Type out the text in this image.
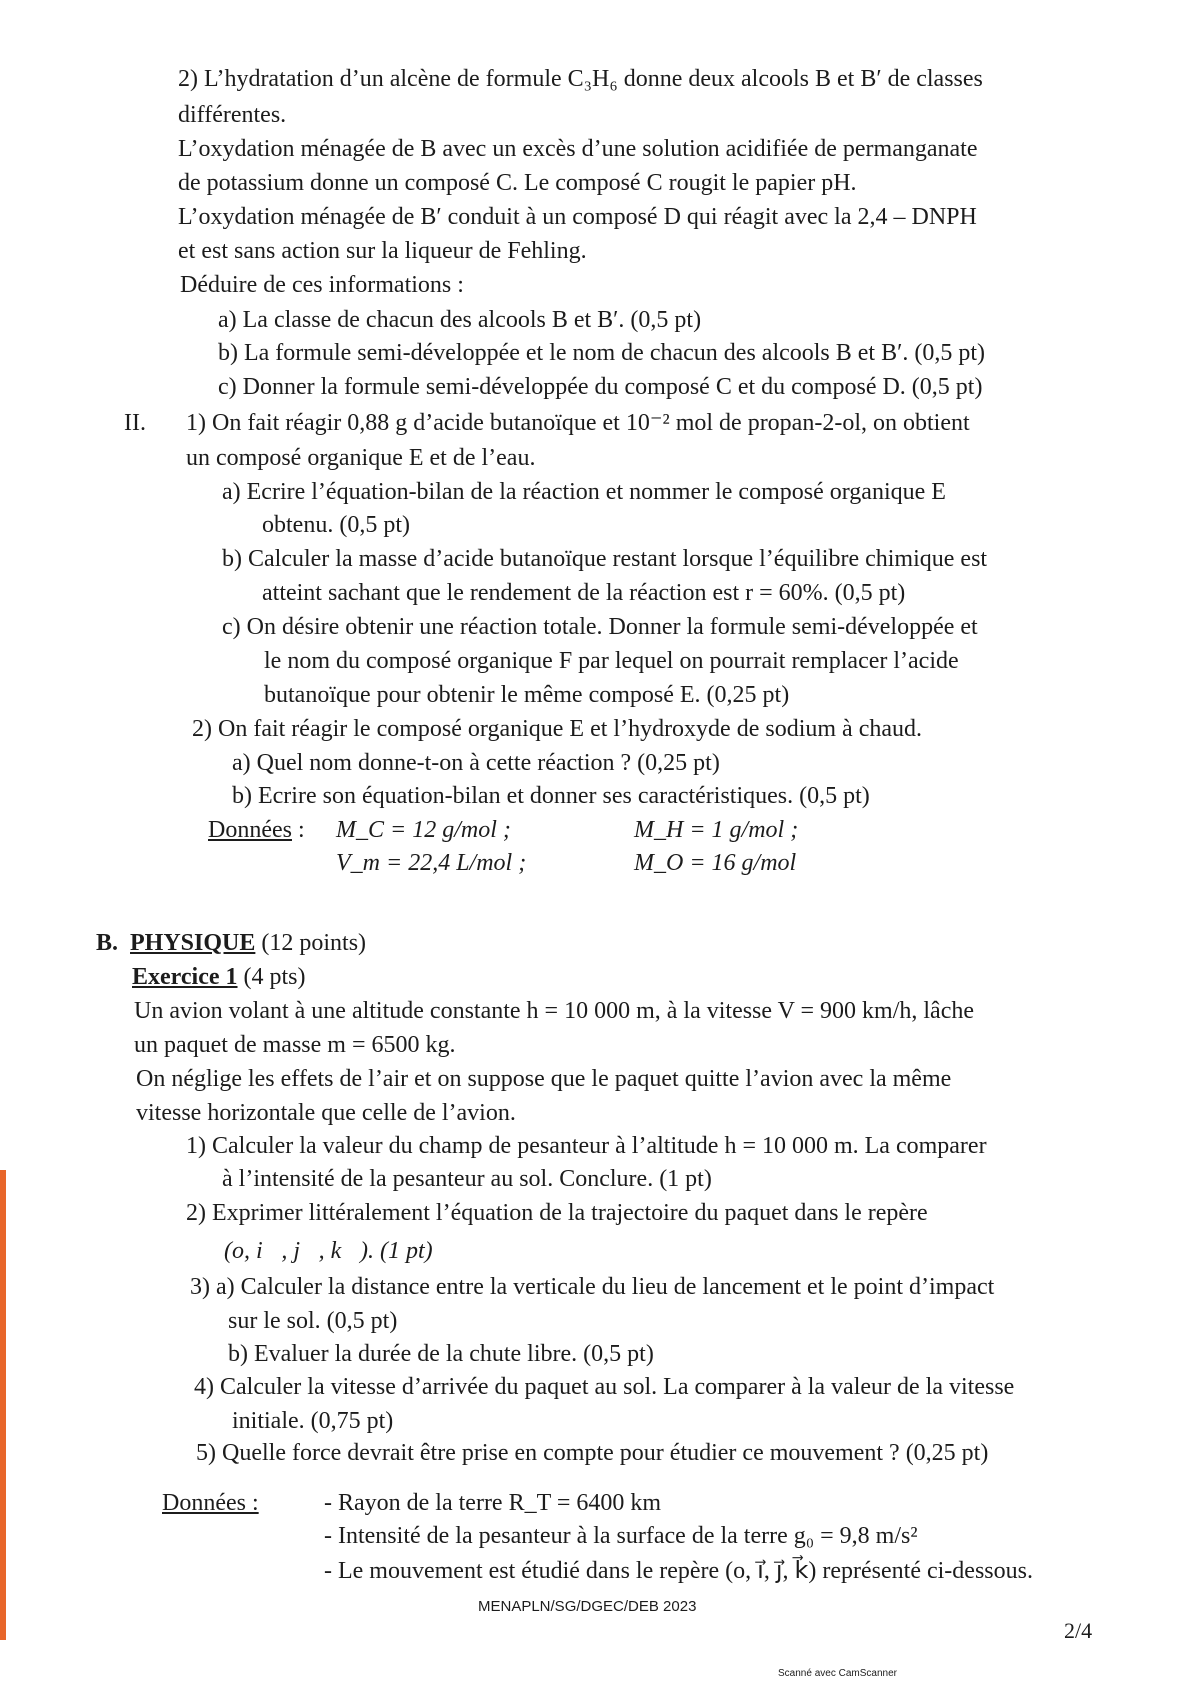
2) L’hydratation d’un alcène de formule C₃H₆ donne deux alcools B et B′ de classes
différentes.
L’oxydation ménagée de B avec un excès d’une solution acidifiée de permanganate
de potassium donne un composé C. Le composé C rougit le papier pH.
L’oxydation ménagée de B′ conduit à un composé D qui réagit avec la 2,4 – DNPH
et est sans action sur la liqueur de Fehling.
Déduire de ces informations :
a) La classe de chacun des alcools B et B′. (0,5 pt)
b) La formule semi-développée et le nom de chacun des alcools B et B′. (0,5 pt)
c) Donner la formule semi-développée du composé C et du composé D. (0,5 pt)
II. 1) On fait réagir 0,88 g d’acide butanoïque et 10⁻² mol de propan-2-ol, on obtient
un composé organique E et de l’eau.
a) Ecrire l’équation-bilan de la réaction et nommer le composé organique E
obtenu. (0,5 pt)
b) Calculer la masse d’acide butanoïque restant lorsque l’équilibre chimique est
atteint sachant que le rendement de la réaction est r = 60%. (0,5 pt)
c) On désire obtenir une réaction totale. Donner la formule semi-développée et
le nom du composé organique F par lequel on pourrait remplacer l’acide
butanoïque pour obtenir le même composé E. (0,25 pt)
2) On fait réagir le composé organique E et l’hydroxyde de sodium à chaud.
a) Quel nom donne-t-on à cette réaction ? (0,25 pt)
b) Ecrire son équation-bilan et donner ses caractéristiques. (0,5 pt)
Données : M_C = 12 g/mol ;	M_H = 1 g/mol ;
V_m = 22,4 L/mol ;	M_O = 16 g/mol
B. PHYSIQUE (12 points)
Exercice 1 (4 pts)
Un avion volant à une altitude constante h = 10 000 m, à la vitesse V = 900 km/h, lâche
un paquet de masse m = 6500 kg.
On néglige les effets de l’air et on suppose que le paquet quitte l’avion avec la même
vitesse horizontale que celle de l’avion.
1) Calculer la valeur du champ de pesanteur à l’altitude h = 10 000 m. La comparer
à l’intensité de la pesanteur au sol. Conclure. (1 pt)
2) Exprimer littéralement l’équation de la trajectoire du paquet dans le repère
(o, i⃗, j⃗, k⃗). (1 pt)
3) a) Calculer la distance entre la verticale du lieu de lancement et le point d’impact
sur le sol. (0,5 pt)
b) Evaluer la durée de la chute libre. (0,5 pt)
4) Calculer la vitesse d’arrivée du paquet au sol. La comparer à la valeur de la vitesse
initiale. (0,75 pt)
5) Quelle force devrait être prise en compte pour étudier ce mouvement ? (0,25 pt)
Données :	- Rayon de la terre R_T = 6400 km
- Intensité de la pesanteur à la surface de la terre g₀ = 9,8 m/s²
- Le mouvement est étudié dans le repère (o, i⃗, j⃗, k⃗) représenté ci-dessous.
MENAPLN/SG/DGEC/DEB 2023
2/4
Scanné avec CamScanner
